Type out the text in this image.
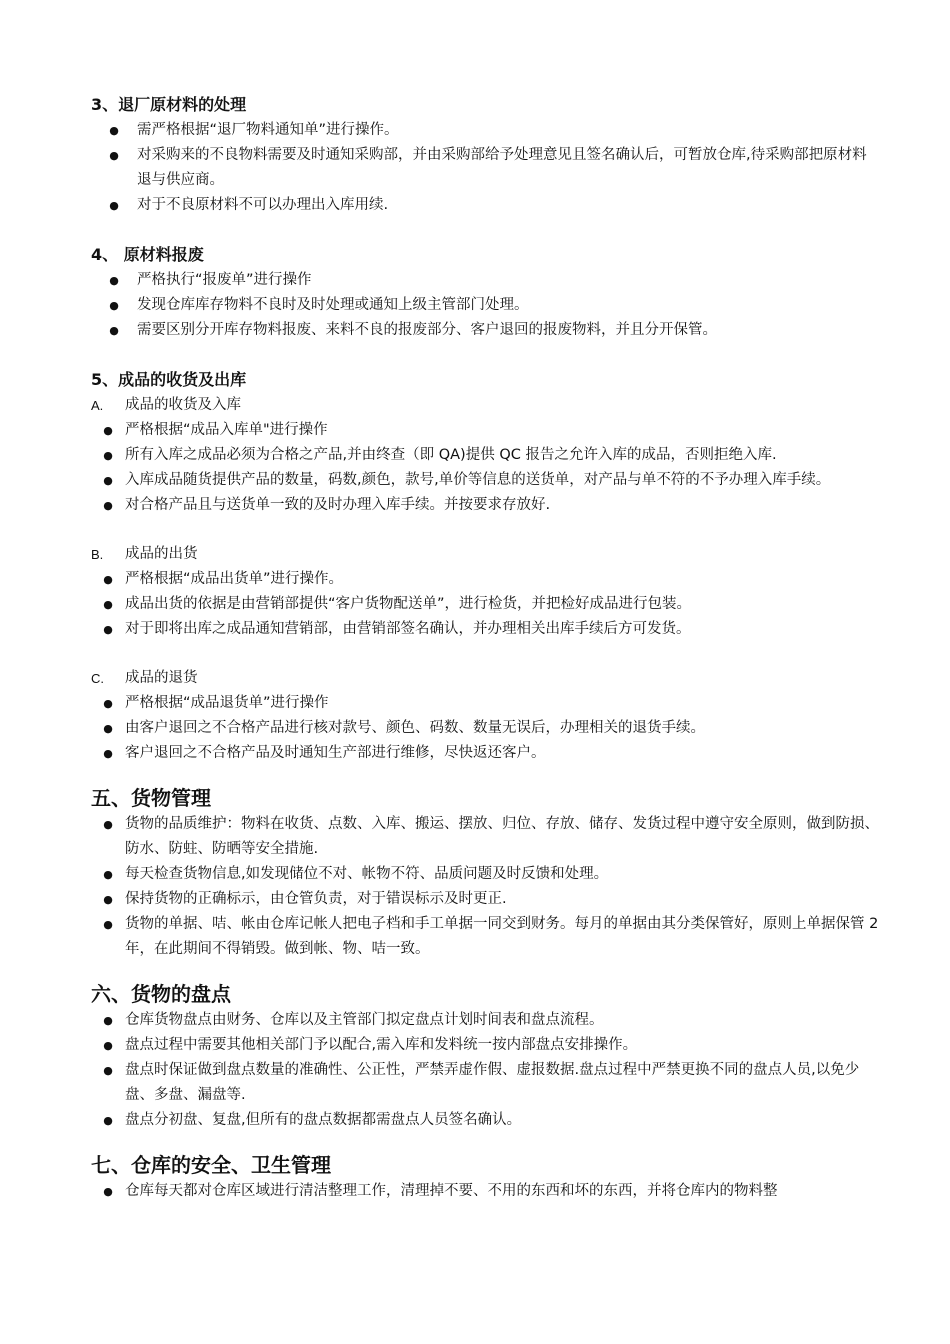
3、退厂原材料的处理
●	需严格根据“退厂物料通知单”进行操作。
●	对采购来的不良物料需要及时通知采购部，并由采购部给予处理意见且签名确认后，可暂放仓库,待采购部把原材料退与供应商。
●	对于不良原材料不可以办理出入库用续.
4、 原材料报废
●	严格执行“报废单”进行操作
●	发现仓库库存物料不良时及时处理或通知上级主管部门处理。
●	需要区别分开库存物料报废、来料不良的报废部分、客户退回的报废物料，并且分开保管。
5、成品的收货及出库
A.	成品的收货及入库
● 严格根据“成品入库单"进行操作
● 所有入库之成品必须为合格之产品,并由终查（即 QA)提供 QC 报告之允许入库的成品，否则拒绝入库.
● 入库成品随货提供产品的数量，码数,颜色，款号,单价等信息的送货单，对产品与单不符的不予办理入库手续。
● 对合格产品且与送货单一致的及时办理入库手续。并按要求存放好.
B.	成品的出货
● 严格根据“成品出货单”进行操作。
● 成品出货的依据是由营销部提供“客户货物配送单”，进行检货，并把检好成品进行包装。
● 对于即将出库之成品通知营销部，由营销部签名确认，并办理相关出库手续后方可发货。
C.	成品的退货
● 严格根据“成品退货单”进行操作
● 由客户退回之不合格产品进行核对款号、颜色、码数、数量无误后，办理相关的退货手续。
● 客户退回之不合格产品及时通知生产部进行维修，尽快返还客户。
五、货物管理
● 货物的品质维护：物料在收货、点数、入库、搬运、摆放、归位、存放、储存、发货过程中遵守安全原则，做到防损、防水、防蛀、防晒等安全措施.
● 每天检查货物信息,如发现储位不对、帐物不符、品质问题及时反馈和处理。
● 保持货物的正确标示，由仓管负责，对于错误标示及时更正.
● 货物的单据、咭、帐由仓库记帐人把电子档和手工单据一同交到财务。每月的单据由其分类保管好，原则上单据保管 2 年，在此期间不得销毁。做到帐、物、咭一致。
六、货物的盘点
● 仓库货物盘点由财务、仓库以及主管部门拟定盘点计划时间表和盘点流程。
● 盘点过程中需要其他相关部门予以配合,需入库和发料统一按内部盘点安排操作。
● 盘点时保证做到盘点数量的准确性、公正性，严禁弄虚作假、虚报数据.盘点过程中严禁更换不同的盘点人员,以免少盘、多盘、漏盘等.
● 盘点分初盘、复盘,但所有的盘点数据都需盘点人员签名确认。
七、仓库的安全、卫生管理
● 仓库每天都对仓库区域进行清洁整理工作，清理掉不要、不用的东西和坏的东西，并将仓库内的物料整
